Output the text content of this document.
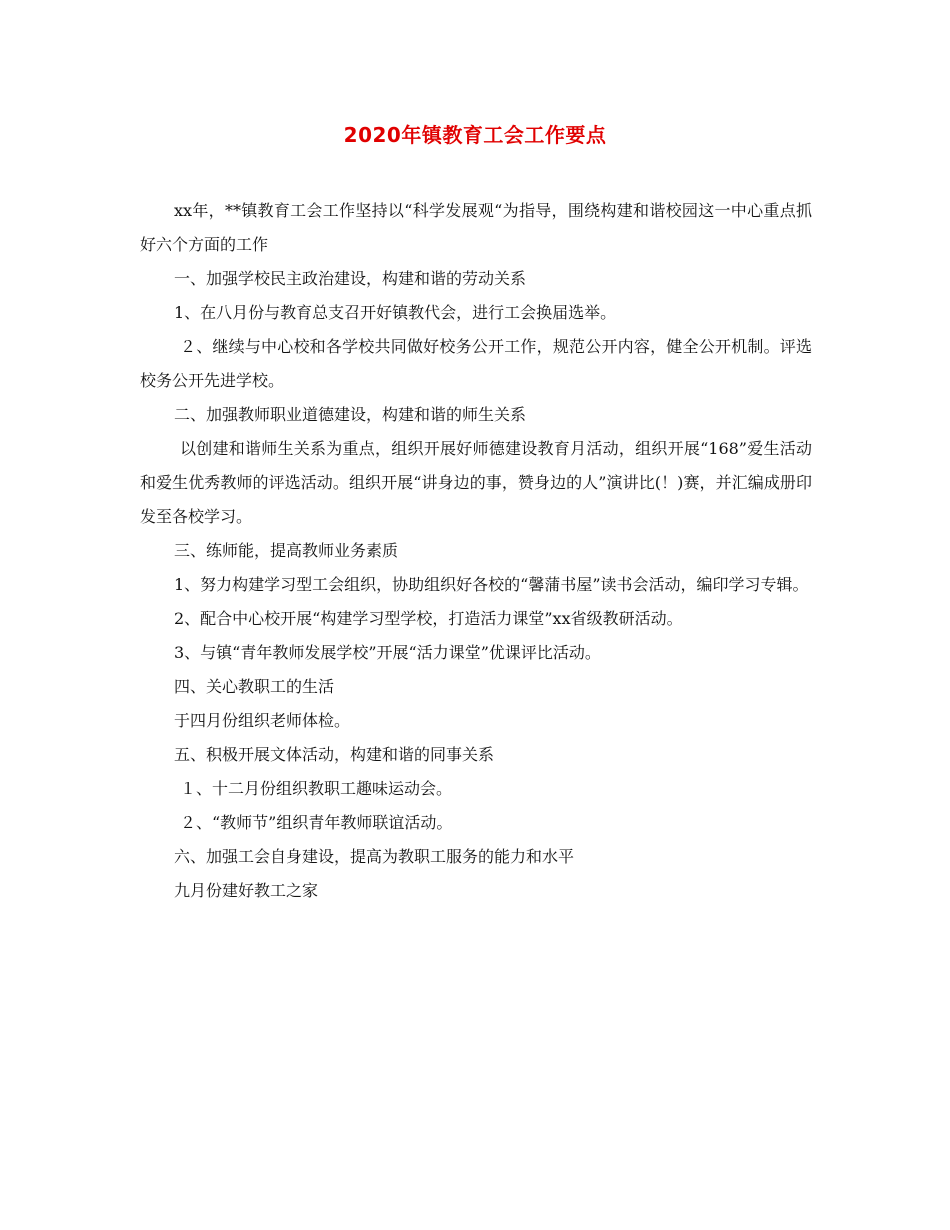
2020年镇教育工会工作要点

xx年，**镇教育工会工作坚持以“科学发展观“为指导，围绕构建和谐校园这一中心重点抓好六个方面的工作

一、加强学校民主政治建设，构建和谐的劳动关系

1、在八月份与教育总支召开好镇教代会，进行工会换届选举。

２、继续与中心校和各学校共同做好校务公开工作，规范公开内容，健全公开机制。评选校务公开先进学校。

二、加强教师职业道德建设，构建和谐的师生关系

以创建和谐师生关系为重点，组织开展好师德建设教育月活动，组织开展“168”爱生活动和爱生优秀教师的评选活动。组织开展“讲身边的事，赞身边的人”演讲比(！)赛，并汇编成册印发至各校学习。

三、练师能，提高教师业务素质

1、努力构建学习型工会组织，协助组织好各校的“馨蒲书屋”读书会活动，编印学习专辑。

2、配合中心校开展“构建学习型学校，打造活力课堂”xx省级教研活动。

3、与镇“青年教师发展学校”开展“活力课堂”优课评比活动。

四、关心教职工的生活

于四月份组织老师体检。

五、积极开展文体活动，构建和谐的同事关系

１、十二月份组织教职工趣味运动会。

２、“教师节”组织青年教师联谊活动。

六、加强工会自身建设，提高为教职工服务的能力和水平

九月份建好教工之家
